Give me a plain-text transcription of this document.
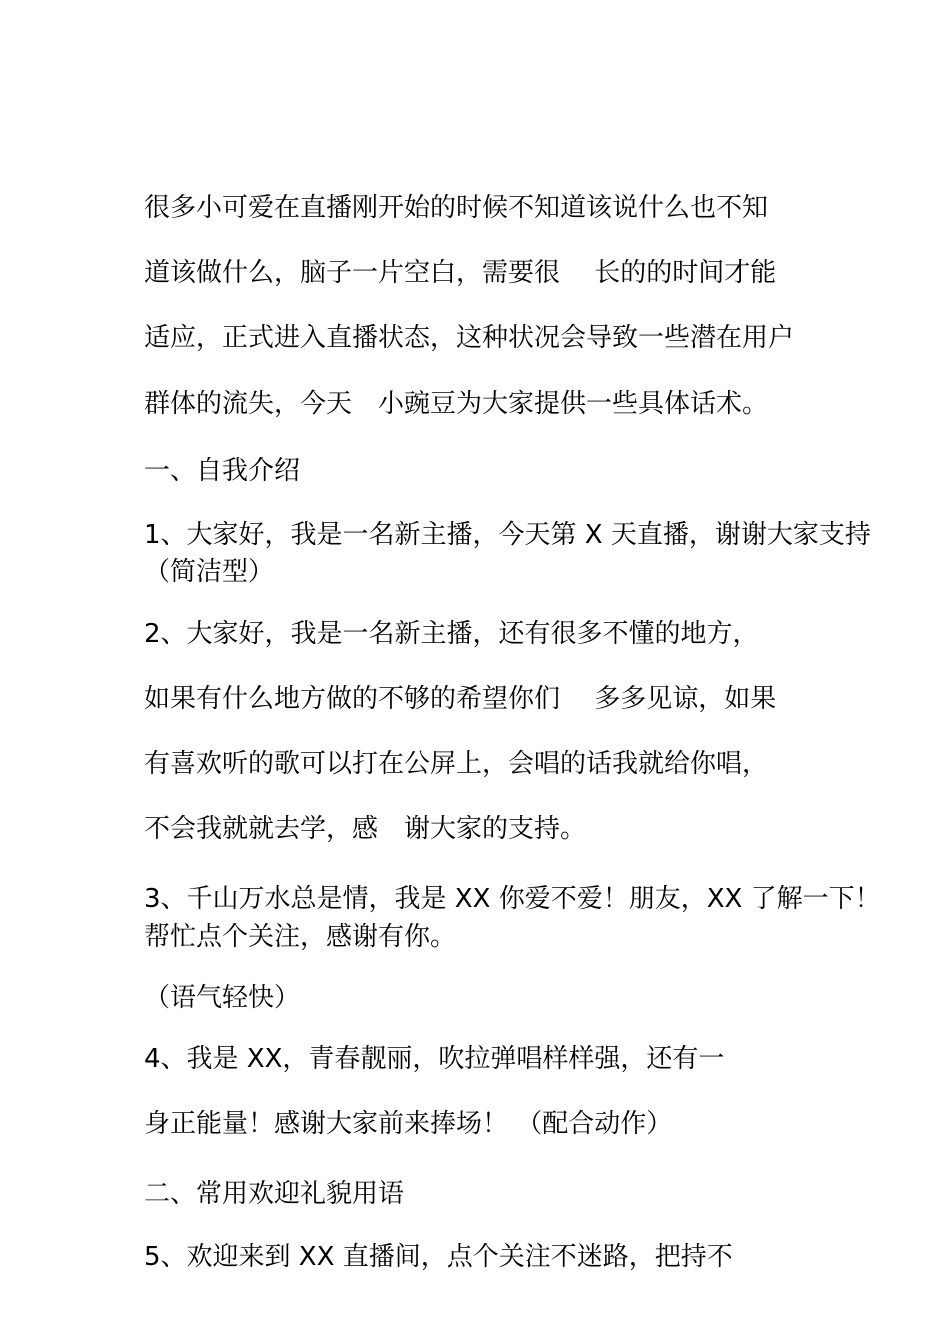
很多小可爱在直播刚开始的时候不知道该说什么也不知
道该做什么，脑子一片空白，需要很　 长的的时间才能
适应，正式进入直播状态，这种状况会导致一些潜在用户
群体的流失，今天　小豌豆为大家提供一些具体话术。
一、自我介绍
1、大家好，我是一名新主播，今天第 X 天直播，谢谢大家支持
（简洁型）
2、大家好，我是一名新主播，还有很多不懂的地方，
如果有什么地方做的不够的希望你们　 多多见谅，如果
有喜欢听的歌可以打在公屏上，会唱的话我就给你唱，
不会我就就去学，感　谢大家的支持。
3、千山万水总是情，我是 XX 你爱不爱！朋友，XX 了解一下！
帮忙点个关注，感谢有你。
（语气轻快）
4、我是 XX，青春靓丽，吹拉弹唱样样强，还有一
身正能量！感谢大家前来捧场！ （配合动作）
二、常用欢迎礼貌用语
5、欢迎来到 XX 直播间，点个关注不迷路，把持不
